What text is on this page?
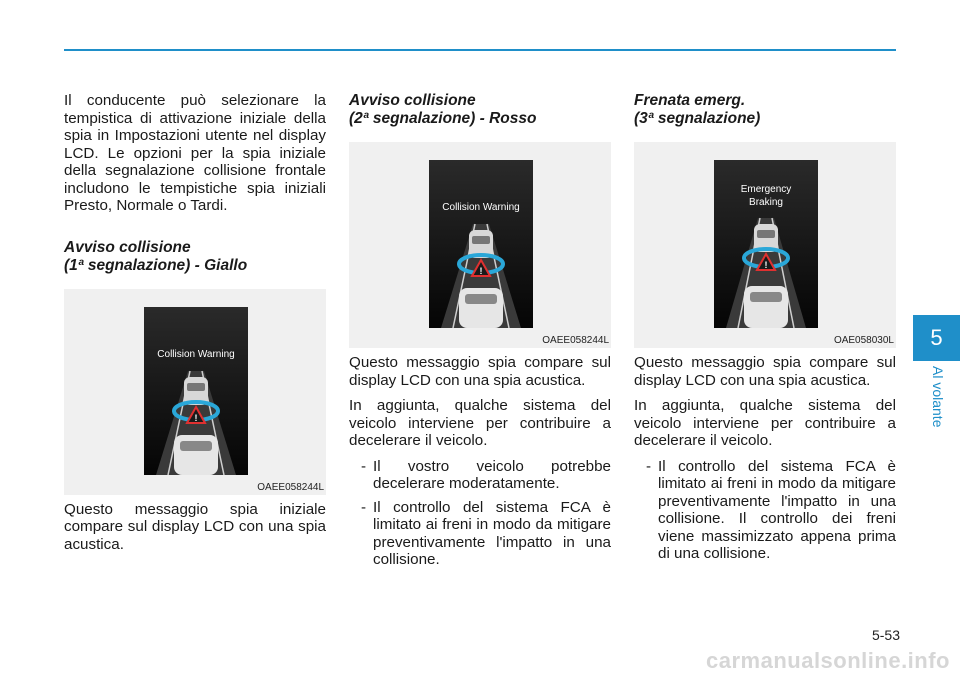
Il conducente può selezionare la tempistica di attivazione iniziale della spia in Impostazioni utente nel display LCD. Le opzioni per la spia iniziale della segnalazione collisione frontale includono le tempistiche spia iniziali Presto, Normale o Tardi.

Avviso collisione
(1ª segnalazione) - Giallo
Collision Warning
!
OAEE058244L

Questo messaggio spia iniziale compare sul display LCD con una spia acustica.

Avviso collisione
(2ª segnalazione) - Rosso
Collision Warning
!
OAEE058244L

Questo messaggio spia compare sul display LCD con una spia acustica.

In aggiunta, qualche sistema del veicolo interviene per contribuire a decelerare il veicolo.

- Il vostro veicolo potrebbe decelerare moderatamente.
- Il controllo del sistema FCA è limitato ai freni in modo da mitigare preventivamente l'impatto in una collisione.
Frenata emerg.
(3ª segnalazione)
Emergency
Braking
!
OAE058030L

Questo messaggio spia compare sul display LCD con una spia acustica.

In aggiunta, qualche sistema del veicolo interviene per contribuire a decelerare il veicolo.

- Il controllo del sistema FCA è limitato ai freni in modo da mitigare preventivamente l'impatto in una collisione. Il controllo dei freni viene massimizzato appena prima di una collisione.
5
Al volante
5-53
carmanualsonline.info
